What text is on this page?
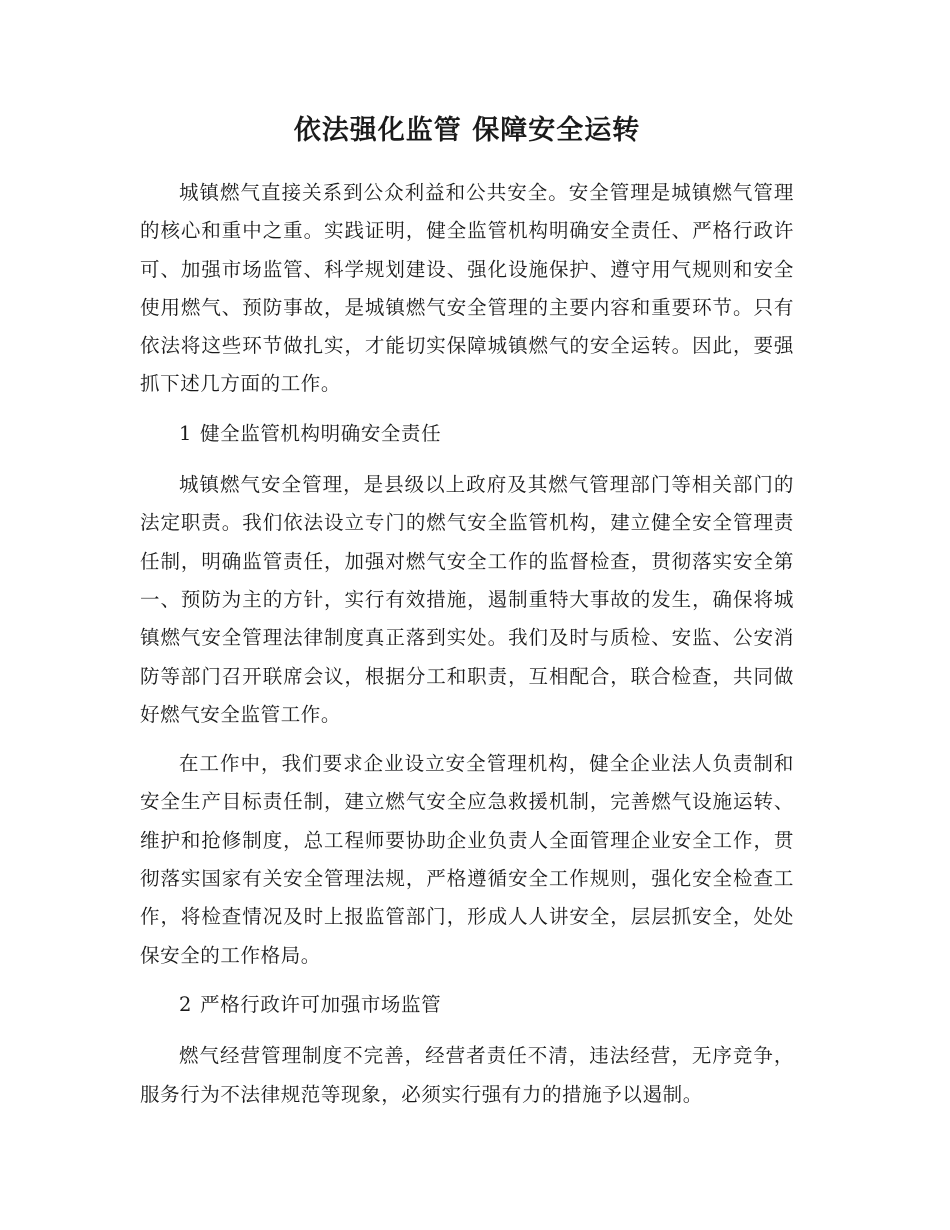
依法强化监管 保障安全运转

城镇燃气直接关系到公众利益和公共安全。安全管理是城镇燃气管理的核心和重中之重。实践证明，健全监管机构明确安全责任、严格行政许可、加强市场监管、科学规划建设、强化设施保护、遵守用气规则和安全使用燃气、预防事故，是城镇燃气安全管理的主要内容和重要环节。只有依法将这些环节做扎实，才能切实保障城镇燃气的安全运转。因此，要强抓下述几方面的工作。

1 健全监管机构明确安全责任

城镇燃气安全管理，是县级以上政府及其燃气管理部门等相关部门的法定职责。我们依法设立专门的燃气安全监管机构，建立健全安全管理责任制，明确监管责任，加强对燃气安全工作的监督检查，贯彻落实安全第一、预防为主的方针，实行有效措施，遏制重特大事故的发生，确保将城镇燃气安全管理法律制度真正落到实处。我们及时与质检、安监、公安消防等部门召开联席会议，根据分工和职责，互相配合，联合检查，共同做好燃气安全监管工作。

在工作中，我们要求企业设立安全管理机构，健全企业法人负责制和安全生产目标责任制，建立燃气安全应急救援机制，完善燃气设施运转、维护和抢修制度，总工程师要协助企业负责人全面管理企业安全工作，贯彻落实国家有关安全管理法规，严格遵循安全工作规则，强化安全检查工作，将检查情况及时上报监管部门，形成人人讲安全，层层抓安全，处处保安全的工作格局。

2 严格行政许可加强市场监管

燃气经营管理制度不完善，经营者责任不清，违法经营，无序竞争，服务行为不法律规范等现象，必须实行强有力的措施予以遏制。
